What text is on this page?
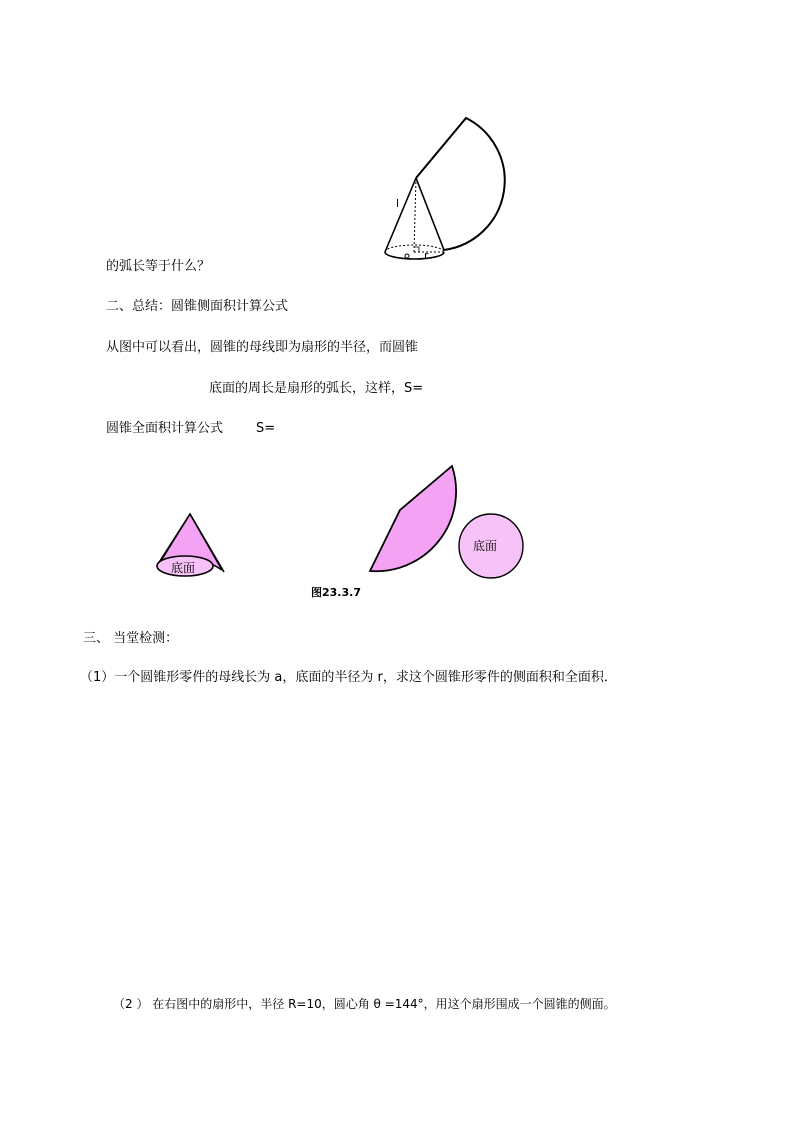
l
r
的弧长等于什么？
二、总结：圆锥侧面积计算公式
从图中可以看出，圆锥的母线即为扇形的半径，而圆锥
底面的周长是扇形的弧长，这样，S=
圆锥全面积计算公式	S=
底面
底面
图23.3.7
三、 当堂检测：
（1）一个圆锥形零件的母线长为 a，底面的半径为 r，求这个圆锥形零件的侧面积和全面积．
（2 ） 在右图中的扇形中，半径 R=10，圆心角 θ =144°，用这个扇形围成一个圆锥的侧面。
